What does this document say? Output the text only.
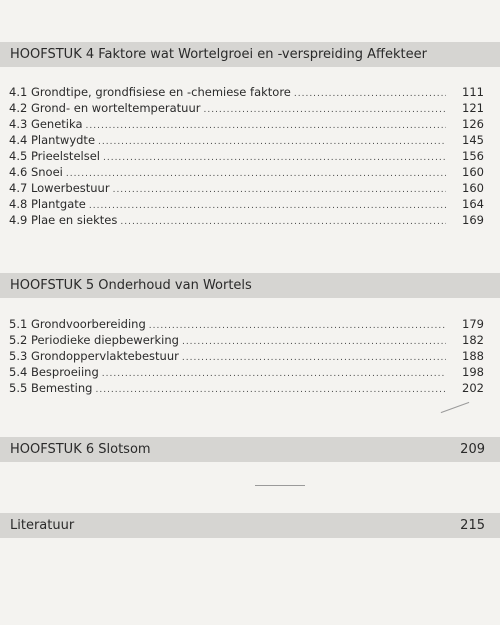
HOOFSTUK 4 Faktore wat Wortelgroei en -verspreiding Affekteer
4.1 Grondtipe, grondfisiese en -chemiese faktore .....	111
4.2 Grond- en worteltemperatuur .....	121
4.3 Genetika .....	126
4.4 Plantwydte .....	145
4.5 Prieelstelsel .....	156
4.6 Snoei .....	160
4.7 Lowerbestuur .....	160
4.8 Plantgate .....	164
4.9 Plae en siektes .....	169
HOOFSTUK 5 Onderhoud van Wortels
5.1 Grondvoorbereiding .....	179
5.2 Periodieke diepbewerking .....	182
5.3 Grondoppervlaktebestuur .....	188
5.4 Besproeiing .....	198
5.5 Bemesting .....	202
HOOFSTUK 6 Slotsom	209
Literatuur	215
